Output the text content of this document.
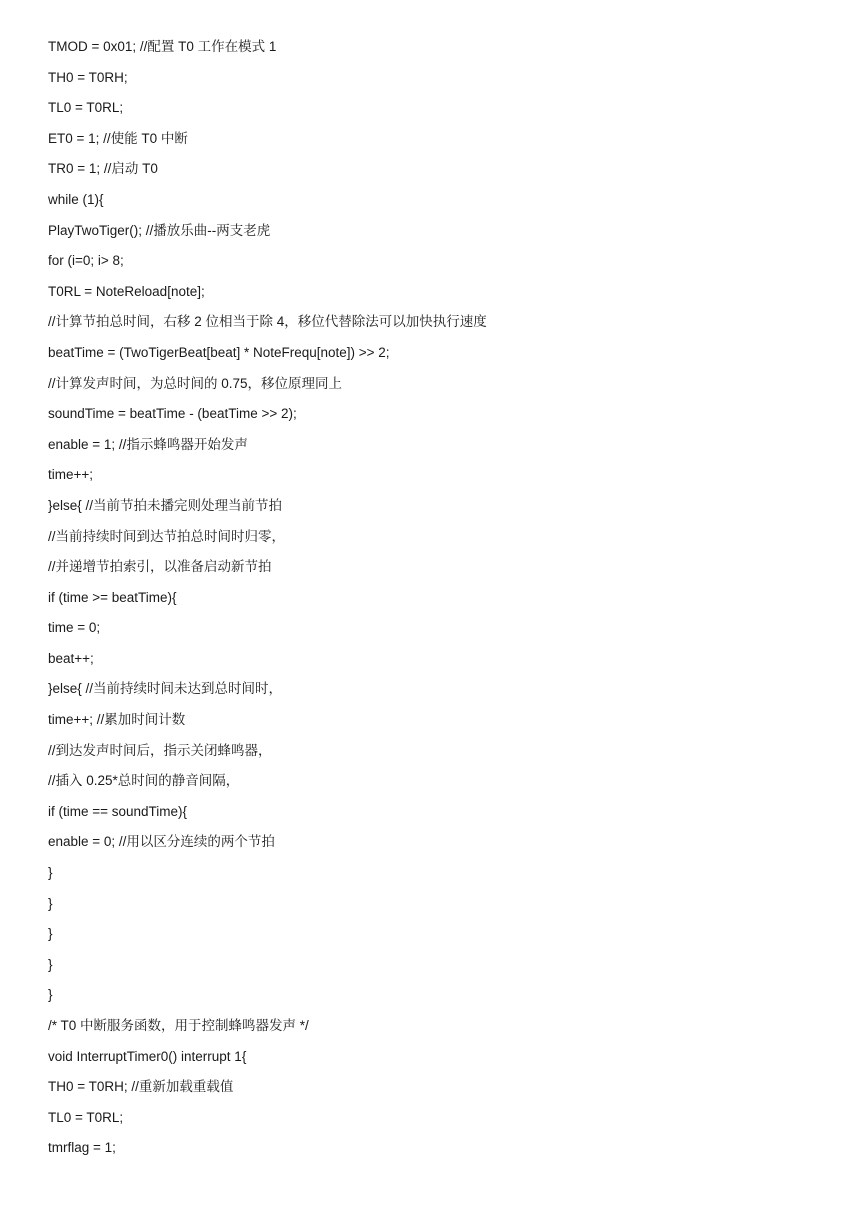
TMOD = 0x01; //配置 T0 工作在模式 1
TH0 = T0RH;
TL0 = T0RL;
ET0 = 1; //使能 T0 中断
TR0 = 1; //启动 T0
while (1){
PlayTwoTiger(); //播放乐曲--两支老虎
for (i=0; i> 8;
T0RL = NoteReload[note];
//计算节拍总时间，右移 2 位相当于除 4，移位代替除法可以加快执行速度
beatTime = (TwoTigerBeat[beat] * NoteFrequ[note]) >> 2;
//计算发声时间，为总时间的 0.75，移位原理同上
soundTime = beatTime - (beatTime >> 2);
enable = 1; //指示蜂鸣器开始发声
time++;
}else{ //当前节拍未播完则处理当前节拍
//当前持续时间到达节拍总时间时归零，
//并递增节拍索引，以准备启动新节拍
if (time >= beatTime){
time = 0;
beat++;
}else{ //当前持续时间未达到总时间时，
time++; //累加时间计数
//到达发声时间后，指示关闭蜂鸣器，
//插入 0.25*总时间的静音间隔，
if (time == soundTime){
enable = 0; //用以区分连续的两个节拍
}
}
}
}
}
/* T0 中断服务函数，用于控制蜂鸣器发声 */
void InterruptTimer0() interrupt 1{
TH0 = T0RH; //重新加载重载值
TL0 = T0RL;
tmrflag = 1;
